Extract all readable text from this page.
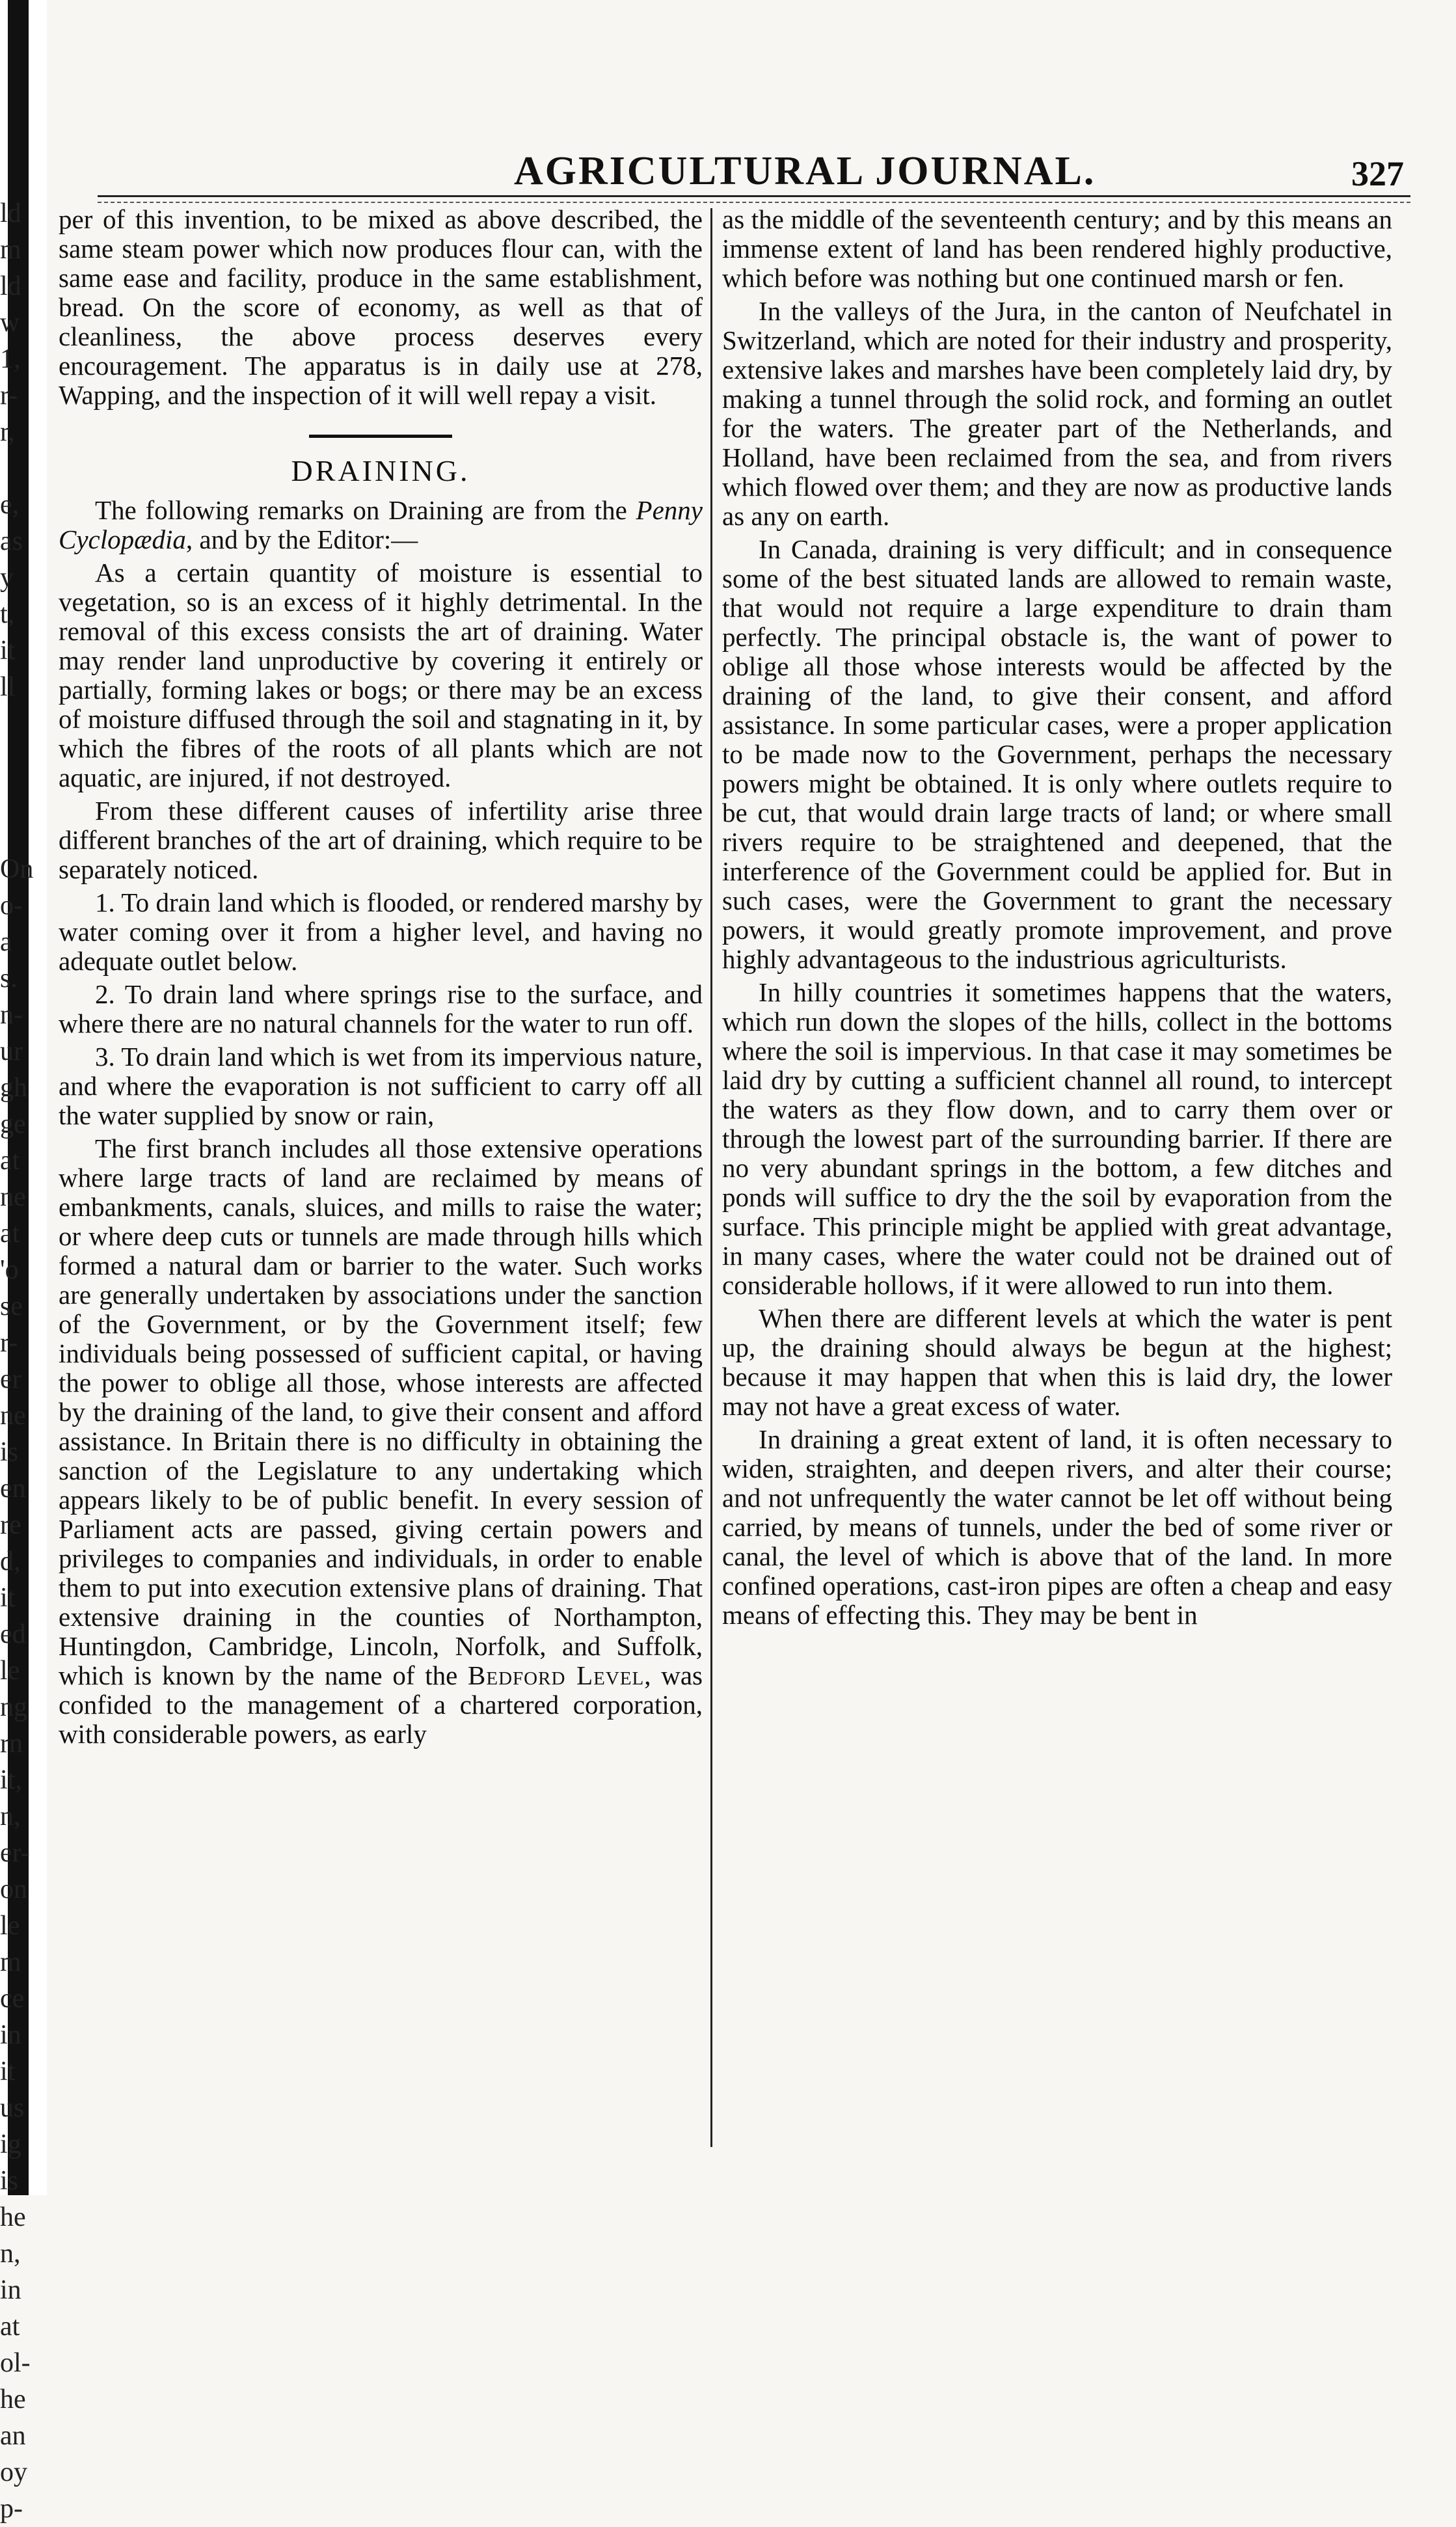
ld
m
ld
w
1,
r-
r,
e,
as
y
t,
it
ll
On
o-
a
s.
n-
ur
gh
ge
at
ne
at
'o
se
r-
er
ne
is
en
re
d,
it
ed
le
ng
rn
it,
n,
er-
on
le
m
ce
in
it
us
ig
is
he
n,
in
at
ol-
he
an
oy
p-
AGRICULTURAL JOURNAL.	327

per of this invention, to be mixed as above described, the same steam power which now produces flour can, with the same ease and facility, produce in the same establishment, bread. On the score of economy, as well as that of cleanliness, the above process deserves every encouragement. The apparatus is in daily use at 278, Wapping, and the inspection of it will well repay a visit.

DRAINING.

The following remarks on Draining are from the Penny Cyclopædia, and by the Editor:—

As a certain quantity of moisture is essential to vegetation, so is an excess of it highly detrimental. In the removal of this excess consists the art of draining. Water may render land unproductive by covering it entirely or partially, forming lakes or bogs; or there may be an excess of moisture diffused through the soil and stagnating in it, by which the fibres of the roots of all plants which are not aquatic, are injured, if not destroyed.

From these different causes of infertility arise three different branches of the art of draining, which require to be separately noticed.

1. To drain land which is flooded, or rendered marshy by water coming over it from a higher level, and having no adequate outlet below.

2. To drain land where springs rise to the surface, and where there are no natural channels for the water to run off.

3. To drain land which is wet from its impervious nature, and where the evaporation is not sufficient to carry off all the water supplied by snow or rain,

The first branch includes all those extensive operations where large tracts of land are reclaimed by means of embankments, canals, sluices, and mills to raise the water; or where deep cuts or tunnels are made through hills which formed a natural dam or barrier to the water. Such works are generally undertaken by associations under the sanction of the Government, or by the Government itself; few individuals being possessed of sufficient capital, or having the power to oblige all those, whose interests are affected by the draining of the land, to give their consent and afford assistance. In Britain there is no difficulty in obtaining the sanction of the Legislature to any undertaking which appears likely to be of public benefit. In every session of Parliament acts are passed, giving certain powers and privileges to companies and individuals, in order to enable them to put into execution extensive plans of draining. That extensive draining in the counties of Northampton, Huntingdon, Cambridge, Lincoln, Norfolk, and Suffolk, which is known by the name of the Bedford Level, was confided to the management of a chartered corporation, with considerable powers, as early

as the middle of the seventeenth century; and by this means an immense extent of land has been rendered highly productive, which before was nothing but one continued marsh or fen.

In the valleys of the Jura, in the canton of Neufchatel in Switzerland, which are noted for their industry and prosperity, extensive lakes and marshes have been completely laid dry, by making a tunnel through the solid rock, and forming an outlet for the waters. The greater part of the Netherlands, and Holland, have been reclaimed from the sea, and from rivers which flowed over them; and they are now as productive lands as any on earth.

In Canada, draining is very difficult; and in consequence some of the best situated lands are allowed to remain waste, that would not require a large expenditure to drain tham perfectly. The principal obstacle is, the want of power to oblige all those whose interests would be affected by the draining of the land, to give their consent, and afford assistance. In some particular cases, were a proper application to be made now to the Government, perhaps the necessary powers might be obtained. It is only where outlets require to be cut, that would drain large tracts of land; or where small rivers require to be straightened and deepened, that the interference of the Government could be applied for. But in such cases, were the Government to grant the necessary powers, it would greatly promote improvement, and prove highly advantageous to the industrious agriculturists.

In hilly countries it sometimes happens that the waters, which run down the slopes of the hills, collect in the bottoms where the soil is impervious. In that case it may sometimes be laid dry by cutting a sufficient channel all round, to intercept the waters as they flow down, and to carry them over or through the lowest part of the surrounding barrier. If there are no very abundant springs in the bottom, a few ditches and ponds will suffice to dry the the soil by evaporation from the surface. This principle might be applied with great advantage, in many cases, where the water could not be drained out of considerable hollows, if it were allowed to run into them.

When there are different levels at which the water is pent up, the draining should always be begun at the highest; because it may happen that when this is laid dry, the lower may not have a great excess of water.

In draining a great extent of land, it is often necessary to widen, straighten, and deepen rivers, and alter their course; and not unfrequently the water cannot be let off without being carried, by means of tunnels, under the bed of some river or canal, the level of which is above that of the land. In more confined operations, cast-iron pipes are often a cheap and easy means of effecting this. They may be bent in
